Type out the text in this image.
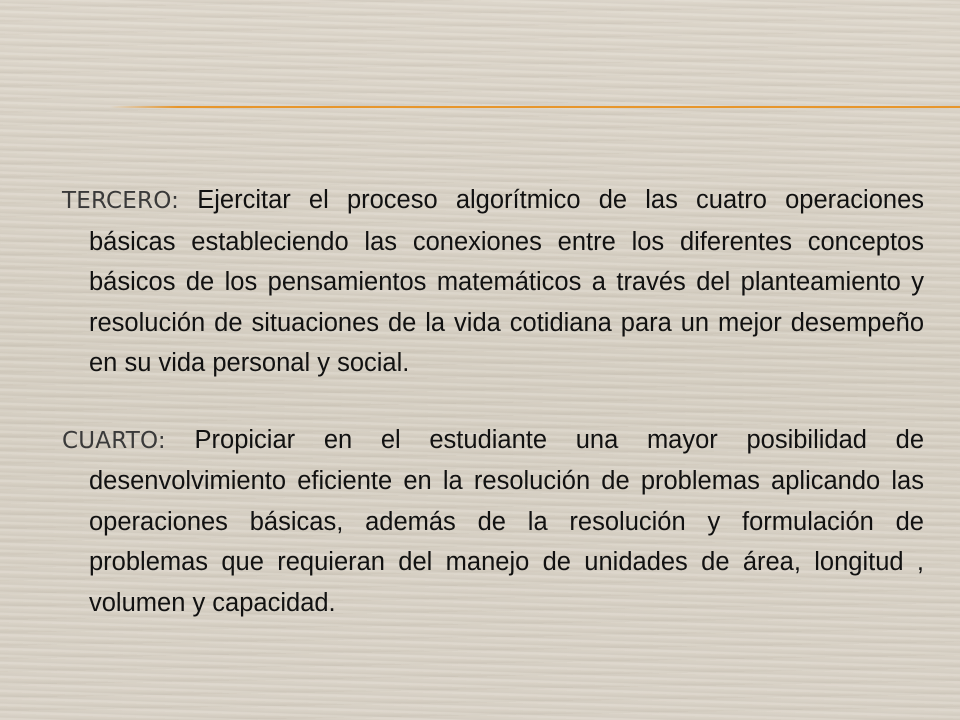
TERCERO: Ejercitar el proceso algorítmico de las cuatro operaciones básicas estableciendo las conexiones entre los diferentes conceptos básicos de los pensamientos matemáticos a través del planteamiento y resolución de situaciones de la vida cotidiana para un mejor desempeño en su vida personal y social.

CUARTO: Propiciar en el estudiante una mayor posibilidad de desenvolvimiento eficiente en la resolución de problemas aplicando las operaciones básicas, además de la resolución y formulación de problemas que requieran del manejo de unidades de área, longitud , volumen y capacidad.
